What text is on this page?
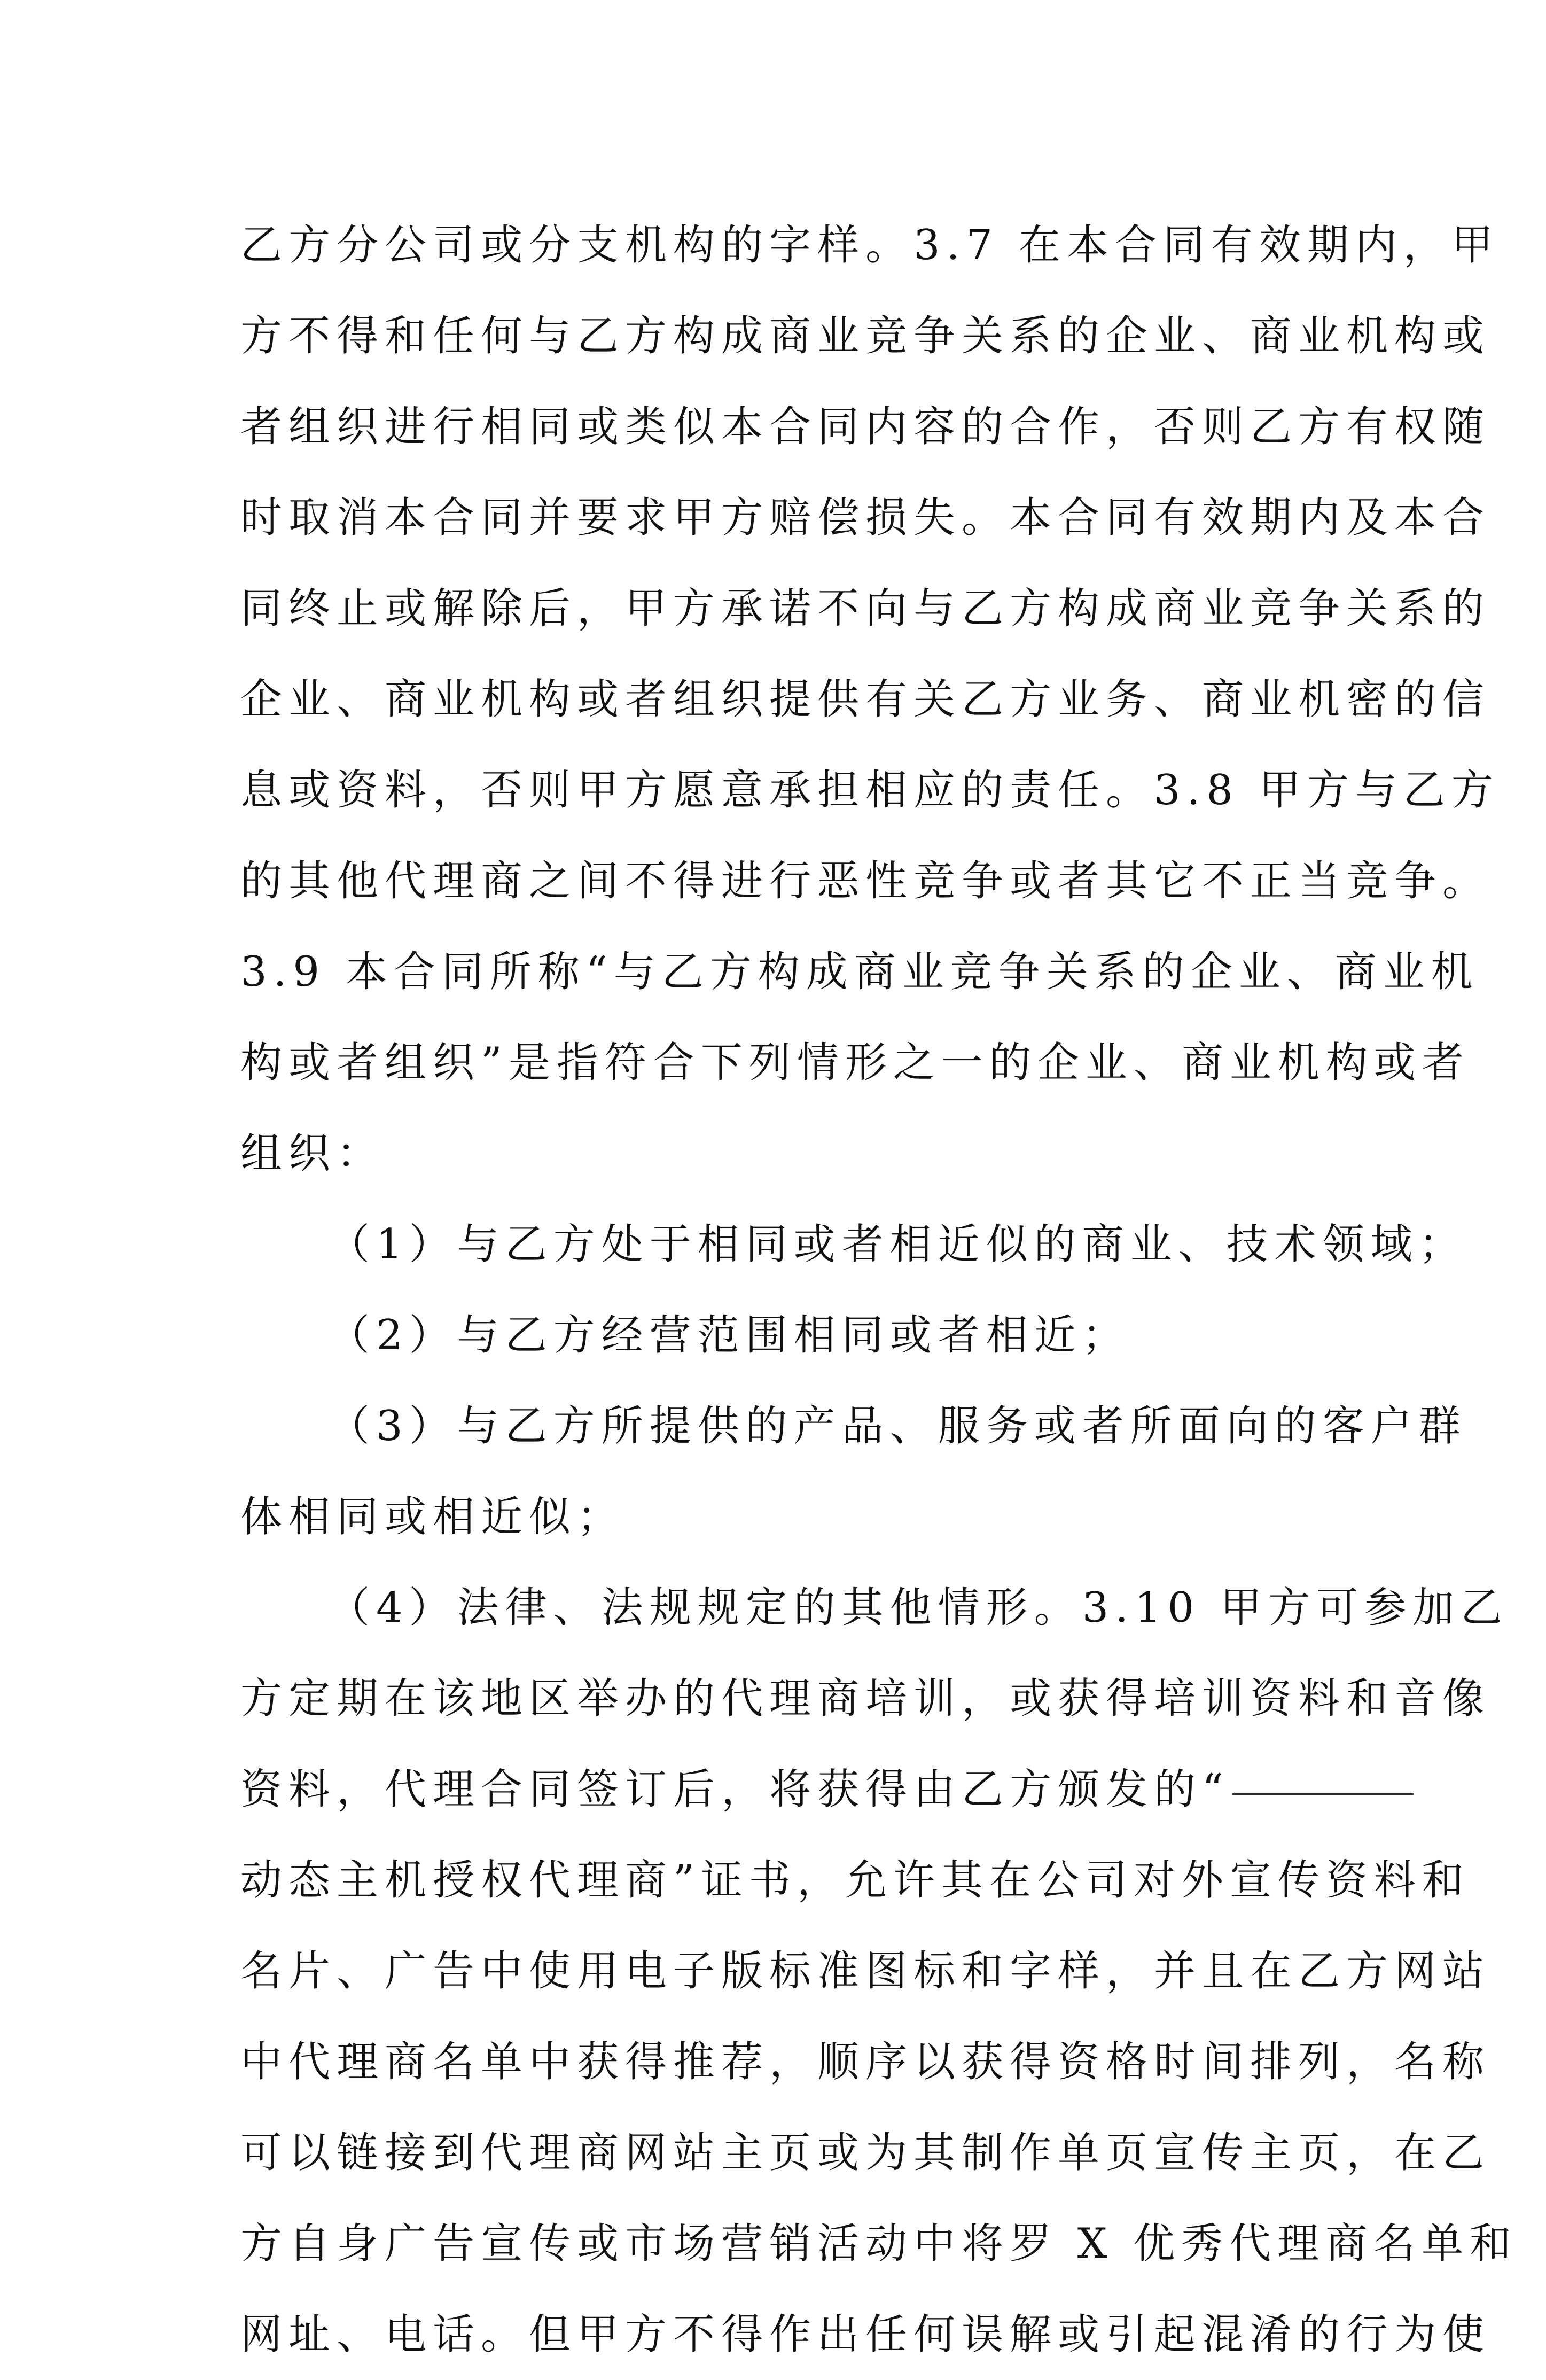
乙方分公司或分支机构的字样。3.7 在本合同有效期内，甲
方不得和任何与乙方构成商业竞争关系的企业、商业机构或
者组织进行相同或类似本合同内容的合作，否则乙方有权随
时取消本合同并要求甲方赔偿损失。本合同有效期内及本合
同终止或解除后，甲方承诺不向与乙方构成商业竞争关系的
企业、商业机构或者组织提供有关乙方业务、商业机密的信
息或资料，否则甲方愿意承担相应的责任。3.8 甲方与乙方
的其他代理商之间不得进行恶性竞争或者其它不正当竞争。
3.9 本合同所称“与乙方构成商业竞争关系的企业、商业机
构或者组织”是指符合下列情形之一的企业、商业机构或者
组织：
（1）与乙方处于相同或者相近似的商业、技术领域；
（2）与乙方经营范围相同或者相近；
（3）与乙方所提供的产品、服务或者所面向的客户群
体相同或相近似；
（4）法律、法规规定的其他情形。3.10 甲方可参加乙
方定期在该地区举办的代理商培训，或获得培训资料和音像
资料，代理合同签订后，将获得由乙方颁发的“
动态主机授权代理商”证书，允许其在公司对外宣传资料和
名片、广告中使用电子版标准图标和字样，并且在乙方网站
中代理商名单中获得推荐，顺序以获得资格时间排列，名称
可以链接到代理商网站主页或为其制作单页宣传主页，在乙
方自身广告宣传或市场营销活动中将罗 X 优秀代理商名单和
网址、电话。但甲方不得作出任何误解或引起混淆的行为使
